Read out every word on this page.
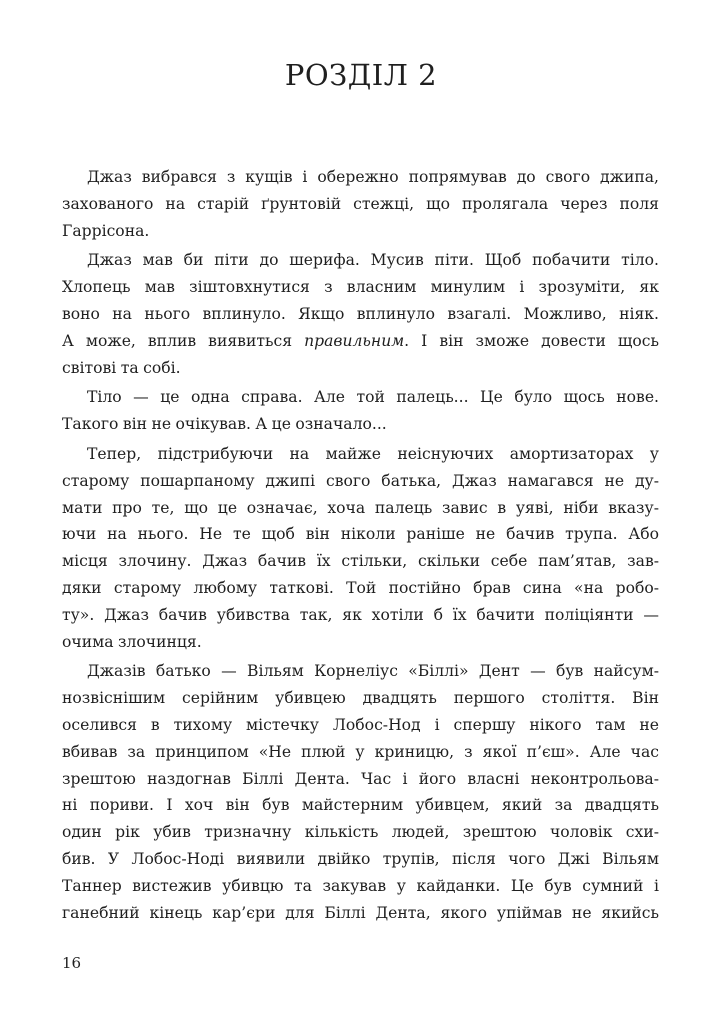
РОЗДІЛ 2
Джаз вибрався з кущів і обережно попрямував до свого джипа,
захованого на старій ґрунтовій стежці, що пролягала через поля
Гаррісона.
Джаз мав би піти до шерифа. Мусив піти. Щоб побачити тіло.
Хлопець мав зіштовхнутися з власним минулим і зрозуміти, як
воно на нього вплинуло. Якщо вплинуло взагалі. Можливо, ніяк.
А може, вплив виявиться правильним. І він зможе довести щось
світові та собі.
Тіло — це одна справа. Але той палець... Це було щось нове.
Такого він не очікував. А це означало...
Тепер, підстрибуючи на майже неіснуючих амортизаторах у
старому пошарпаному джипі свого батька, Джаз намагався не ду-
мати про те, що це означає, хоча палець завис в уяві, ніби вказу-
ючи на нього. Не те щоб він ніколи раніше не бачив трупа. Або
місця злочину. Джаз бачив їх стільки, скільки себе пам’ятав, зав-
дяки старому любому таткові. Той постійно брав сина «на робо-
ту». Джаз бачив убивства так, як хотіли б їх бачити поліціянти —
очима злочинця.
Джазів батько — Вільям Корнеліус «Біллі» Дент — був найсум-
нозвіснішим серійним убивцею двадцять першого століття. Він
оселився в тихому містечку Лобос-Нод і спершу нікого там не
вбивав за принципом «Не плюй у криницю, з якої п’єш». Але час
зрештою наздогнав Біллі Дента. Час і його власні неконтрольова-
ні пориви. І хоч він був майстерним убивцем, який за двадцять
один рік убив тризначну кількість людей, зрештою чоловік схи-
бив. У Лобос-Ноді виявили двійко трупів, після чого Джі Вільям
Таннер вистежив убивцю та закував у кайданки. Це був сумний і
ганебний кінець кар’єри для Біллі Дента, якого упіймав не якийсь
16
